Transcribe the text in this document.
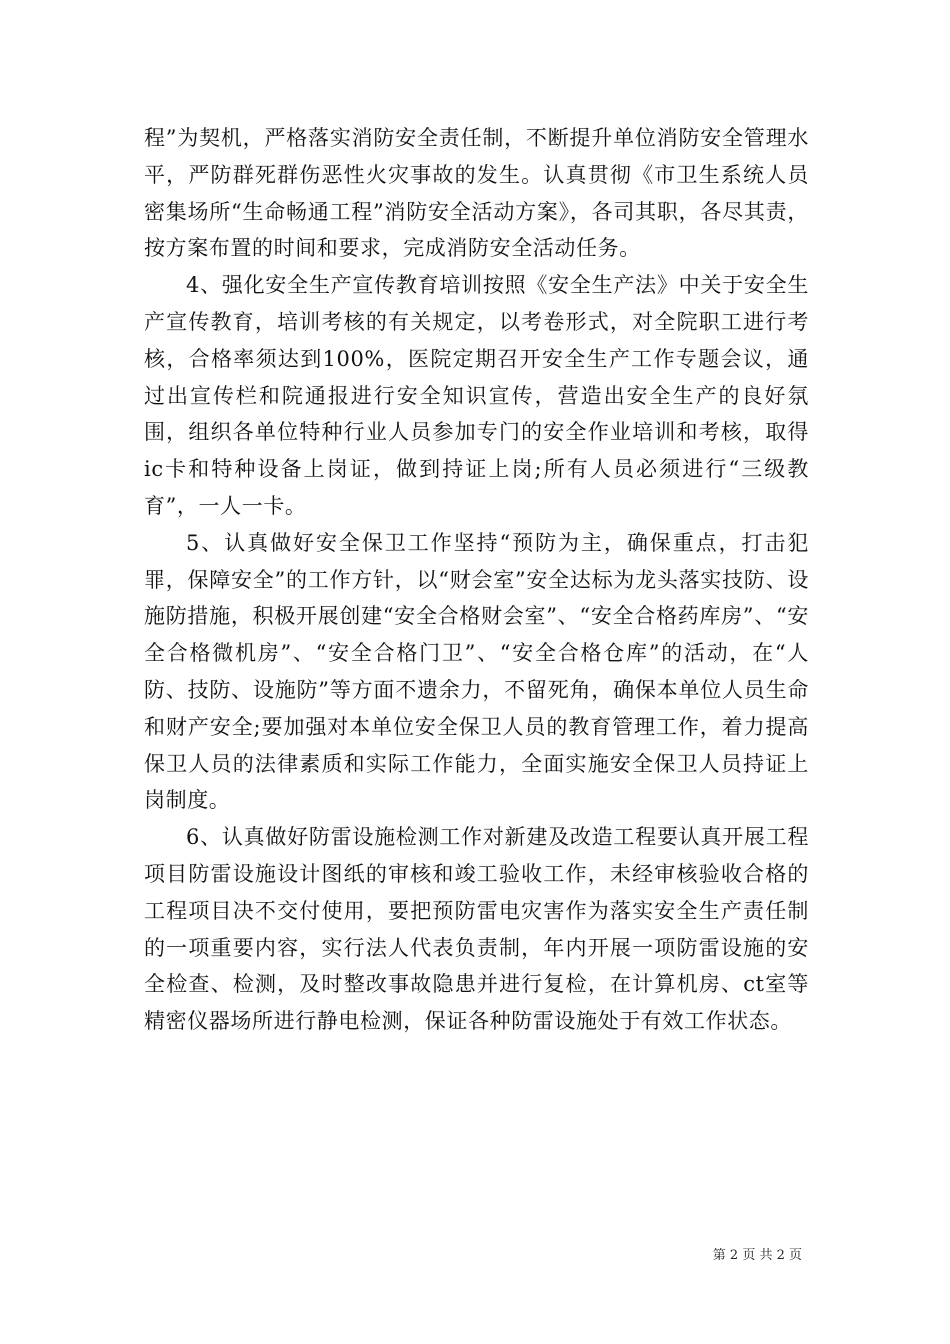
程”为契机，严格落实消防安全责任制，不断提升单位消防安全管理水平，严防群死群伤恶性火灾事故的发生。认真贯彻《市卫生系统人员密集场所“生命畅通工程”消防安全活动方案》，各司其职，各尽其责，按方案布置的时间和要求，完成消防安全活动任务。

4、强化安全生产宣传教育培训按照《安全生产法》中关于安全生产宣传教育，培训考核的有关规定，以考卷形式，对全院职工进行考核，合格率须达到100%，医院定期召开安全生产工作专题会议，通过出宣传栏和院通报进行安全知识宣传，营造出安全生产的良好氛围，组织各单位特种行业人员参加专门的安全作业培训和考核，取得ic卡和特种设备上岗证，做到持证上岗;所有人员必须进行“三级教育”，一人一卡。

5、认真做好安全保卫工作坚持“预防为主，确保重点，打击犯罪，保障安全”的工作方针，以“财会室”安全达标为龙头落实技防、设施防措施，积极开展创建“安全合格财会室”、“安全合格药库房”、“安全合格微机房”、“安全合格门卫”、“安全合格仓库”的活动，在“人防、技防、设施防”等方面不遗余力，不留死角，确保本单位人员生命和财产安全;要加强对本单位安全保卫人员的教育管理工作，着力提高保卫人员的法律素质和实际工作能力，全面实施安全保卫人员持证上岗制度。

6、认真做好防雷设施检测工作对新建及改造工程要认真开展工程项目防雷设施设计图纸的审核和竣工验收工作，未经审核验收合格的工程项目决不交付使用，要把预防雷电灾害作为落实安全生产责任制的一项重要内容，实行法人代表负责制，年内开展一项防雷设施的安全检查、检测，及时整改事故隐患并进行复检，在计算机房、ct室等精密仪器场所进行静电检测，保证各种防雷设施处于有效工作状态。

第 2 页 共 2 页
